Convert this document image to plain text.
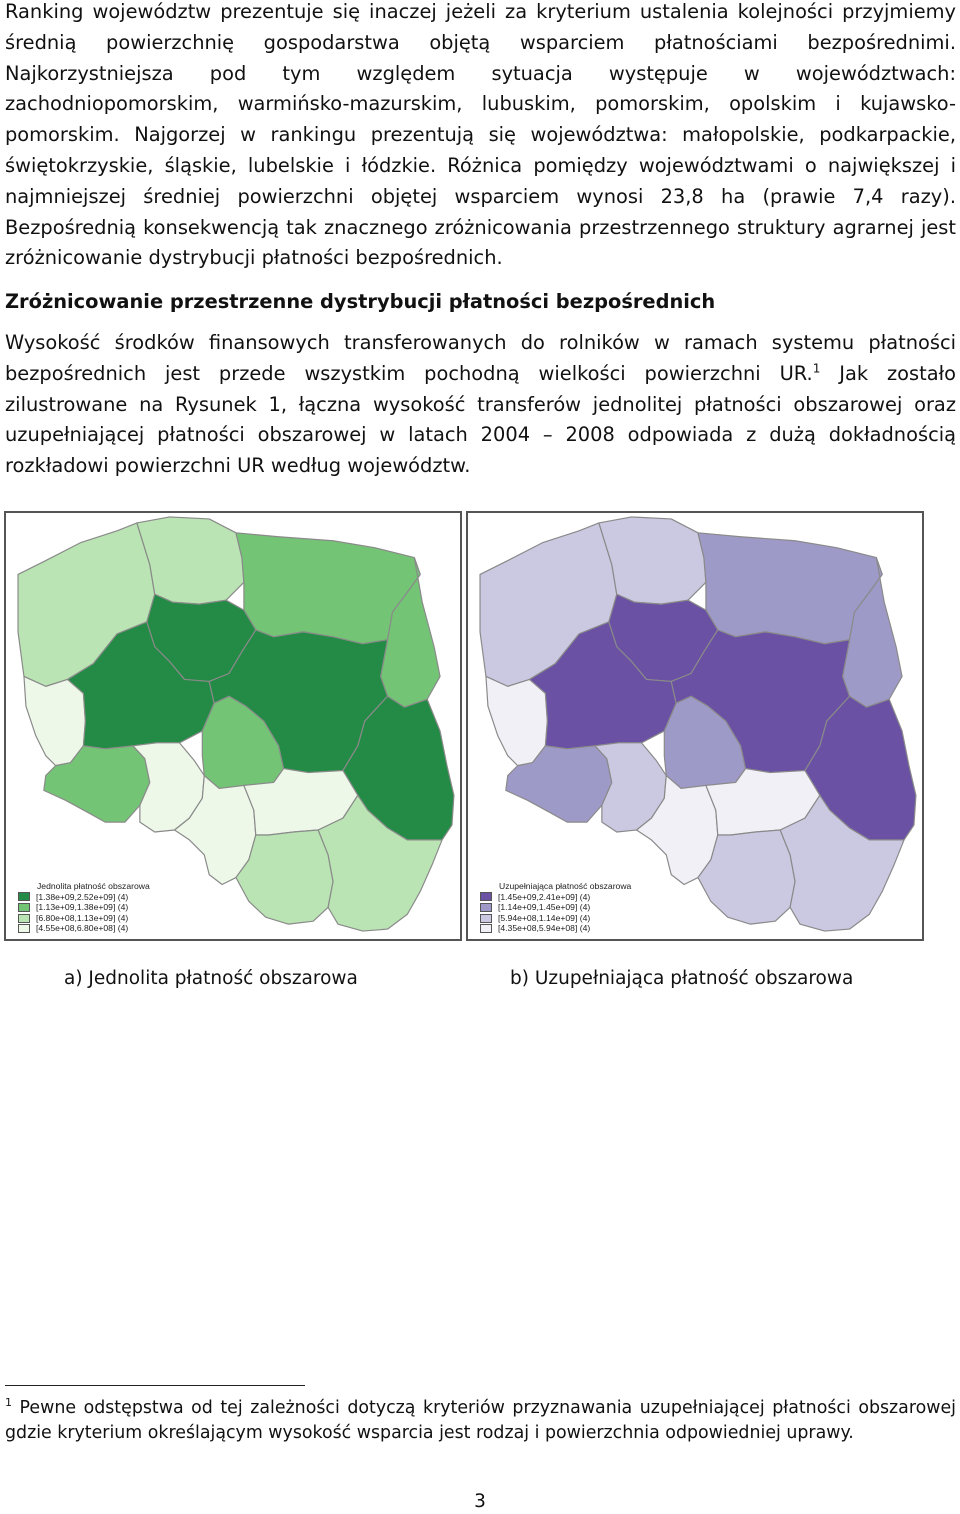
Ranking województw prezentuje się inaczej jeżeli za kryterium ustalenia kolejności przyjmiemy średnią powierzchnię gospodarstwa objętą wsparciem płatnościami bezpośrednimi. Najkorzystniejsza pod tym względem sytuacja występuje w województwach: zachodniopomorskim, warmińsko-mazurskim, lubuskim, pomorskim, opolskim i kujawsko-pomorskim. Najgorzej w rankingu prezentują się województwa: małopolskie, podkarpackie, świętokrzyskie, śląskie, lubelskie i łódzkie. Różnica pomiędzy województwami o największej i najmniejszej średniej powierzchni objętej wsparciem wynosi 23,8 ha (prawie 7,4 razy). Bezpośrednią konsekwencją tak znacznego zróżnicowania przestrzennego struktury agrarnej jest zróżnicowanie dystrybucji płatności bezpośrednich.

Zróżnicowanie przestrzenne dystrybucji płatności bezpośrednich

Wysokość środków finansowych transferowanych do rolników w ramach systemu płatności bezpośrednich jest przede wszystkim pochodną wielkości powierzchni UR.$^1$ Jak zostało zilustrowane na Rysunek 1, łączna wysokość transferów jednolitej płatności obszarowej oraz uzupełniającej płatności obszarowej w latach 2004 – 2008 odpowiada z dużą dokładnością rozkładowi powierzchni UR według województw.

Jednolita płatność obszarowa
[1.38e+09,2.52e+09] (4)
[1.13e+09,1.38e+09] (4)
[6.80e+08,1.13e+09] (4)
[4.55e+08,6.80e+08] (4)
Uzupełniająca płatność obszarowa
[1.45e+09,2.41e+09] (4)
[1.14e+09,1.45e+09] (4)
[5.94e+08,1.14e+09] (4)
[4.35e+08,5.94e+08] (4)

a) Jednolita płatność obszarowa	b) Uzupełniająca płatność obszarowa

$^1$ Pewne odstępstwa od tej zależności dotyczą kryteriów przyznawania uzupełniającej płatności obszarowej gdzie kryterium określającym wysokość wsparcia jest rodzaj i powierzchnia odpowiedniej uprawy.

3
